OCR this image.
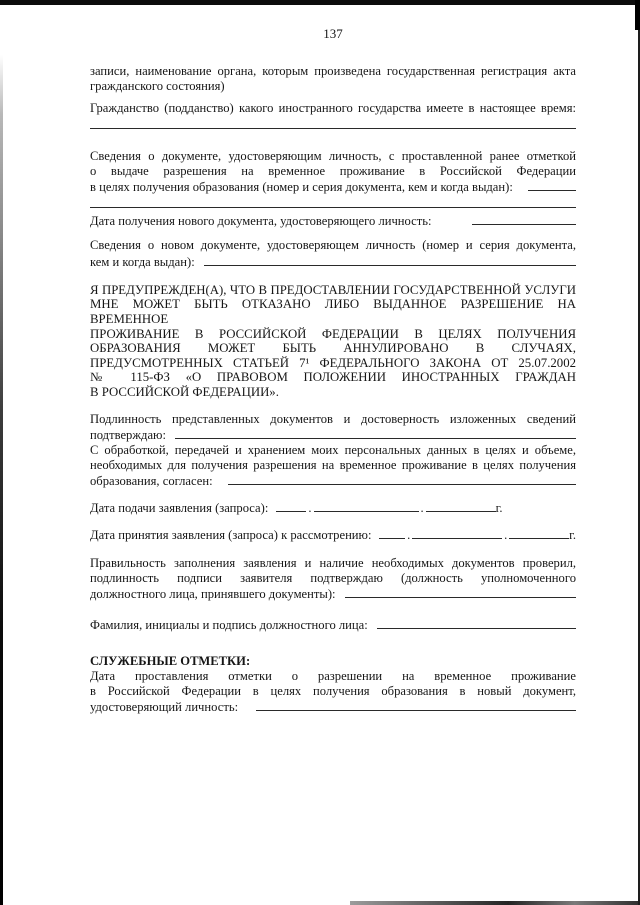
137
записи, наименование органа, которым произведена государственная регистрация акта
гражданского состояния)
Гражданство (подданство) какого иностранного государства имеете в настоящее время:
Сведения о документе, удостоверяющим личность, с проставленной ранее отметкой
о выдаче разрешения на временное проживание в Российской Федерации
в целях получения образования (номер и серия документа, кем и когда выдан):
Дата получения нового документа, удостоверяющего личность:
Сведения о новом документе, удостоверяющем личность (номер и серия документа,
кем и когда выдан):
Я ПРЕДУПРЕЖДЕН(А), ЧТО В ПРЕДОСТАВЛЕНИИ ГОСУДАРСТВЕННОЙ УСЛУГИ
МНЕ МОЖЕТ БЫТЬ ОТКАЗАНО ЛИБО ВЫДАННОЕ РАЗРЕШЕНИЕ НА ВРЕМЕННОЕ
ПРОЖИВАНИЕ В РОССИЙСКОЙ ФЕДЕРАЦИИ В ЦЕЛЯХ ПОЛУЧЕНИЯ
ОБРАЗОВАНИЯ МОЖЕТ БЫТЬ АННУЛИРОВАНО В СЛУЧАЯХ,
ПРЕДУСМОТРЕННЫХ СТАТЬЕЙ 7¹ ФЕДЕРАЛЬНОГО ЗАКОНА ОТ 25.07.2002
№ 115-ФЗ «О ПРАВОВОМ ПОЛОЖЕНИИ ИНОСТРАННЫХ ГРАЖДАН
В РОССИЙСКОЙ ФЕДЕРАЦИИ».
Подлинность представленных документов и достоверность изложенных сведений
подтверждаю:
С обработкой, передачей и хранением моих персональных данных в целях и объеме,
необходимых для получения разрешения на временное проживание в целях получения
образования, согласен:
Дата подачи заявления (запроса):	.	.	г.
Дата принятия заявления (запроса) к рассмотрению:	.	.	г.
Правильность заполнения заявления и наличие необходимых документов проверил,
подлинность подписи заявителя подтверждаю (должность уполномоченного
должностного лица, принявшего документы):
Фамилия, инициалы и подпись должностного лица:
СЛУЖЕБНЫЕ ОТМЕТКИ:
Дата проставления отметки о разрешении на временное проживание
в Российской Федерации в целях получения образования в новый документ,
удостоверяющий личность:
